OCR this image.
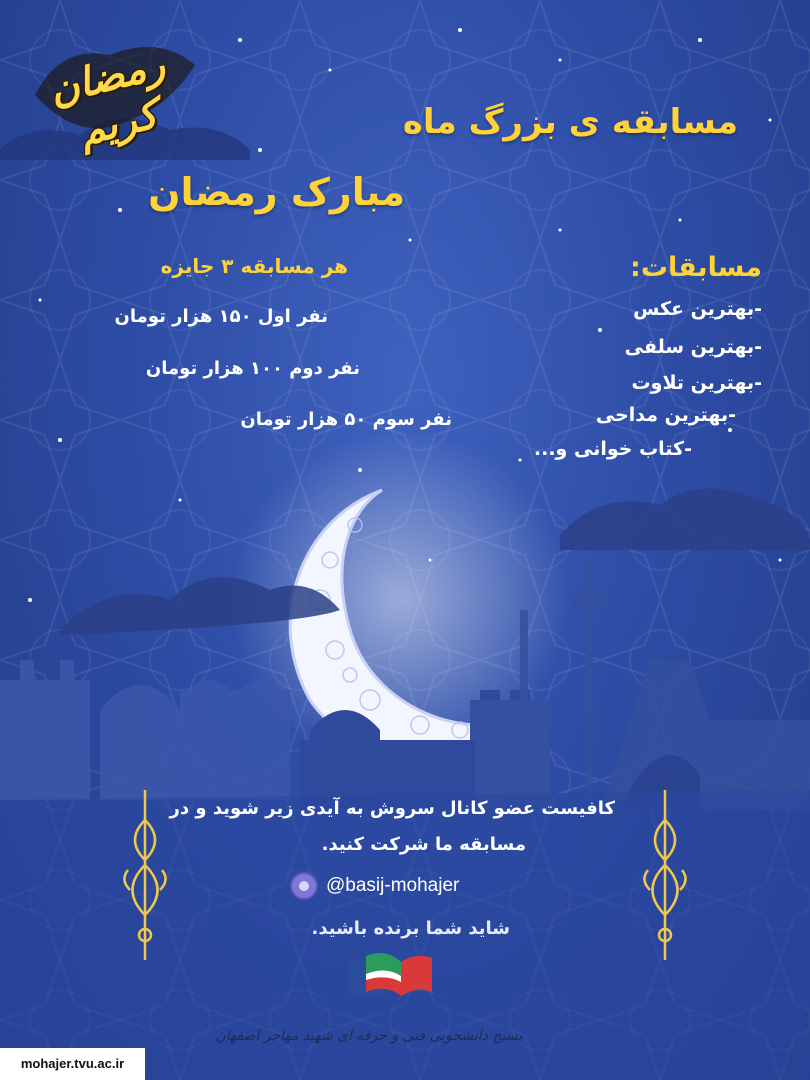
رمضان کریم	مسابقه ی بزرگ ماه
مبارک رمضان
هر مسابقه ۳ جایزه
نفر اول ۱۵۰ هزار تومان
نفر دوم ۱۰۰ هزار تومان
نفر سوم ۵۰ هزار تومان
مسابقات:
-بهترین عکس
-بهترین سلفی
-بهترین تلاوت
-بهترین مداحی
-کتاب خوانی و...
کافیست عضو کانال سروش به آیدی زیر شوید و در
مسابقه ما شرکت کنید.
@basij-mohajer
شاید شما برنده باشید.
بسیج دانشجویی فنی و حرفه ای شهید مهاجر اصفهان
mohajer.tvu.ac.ir
